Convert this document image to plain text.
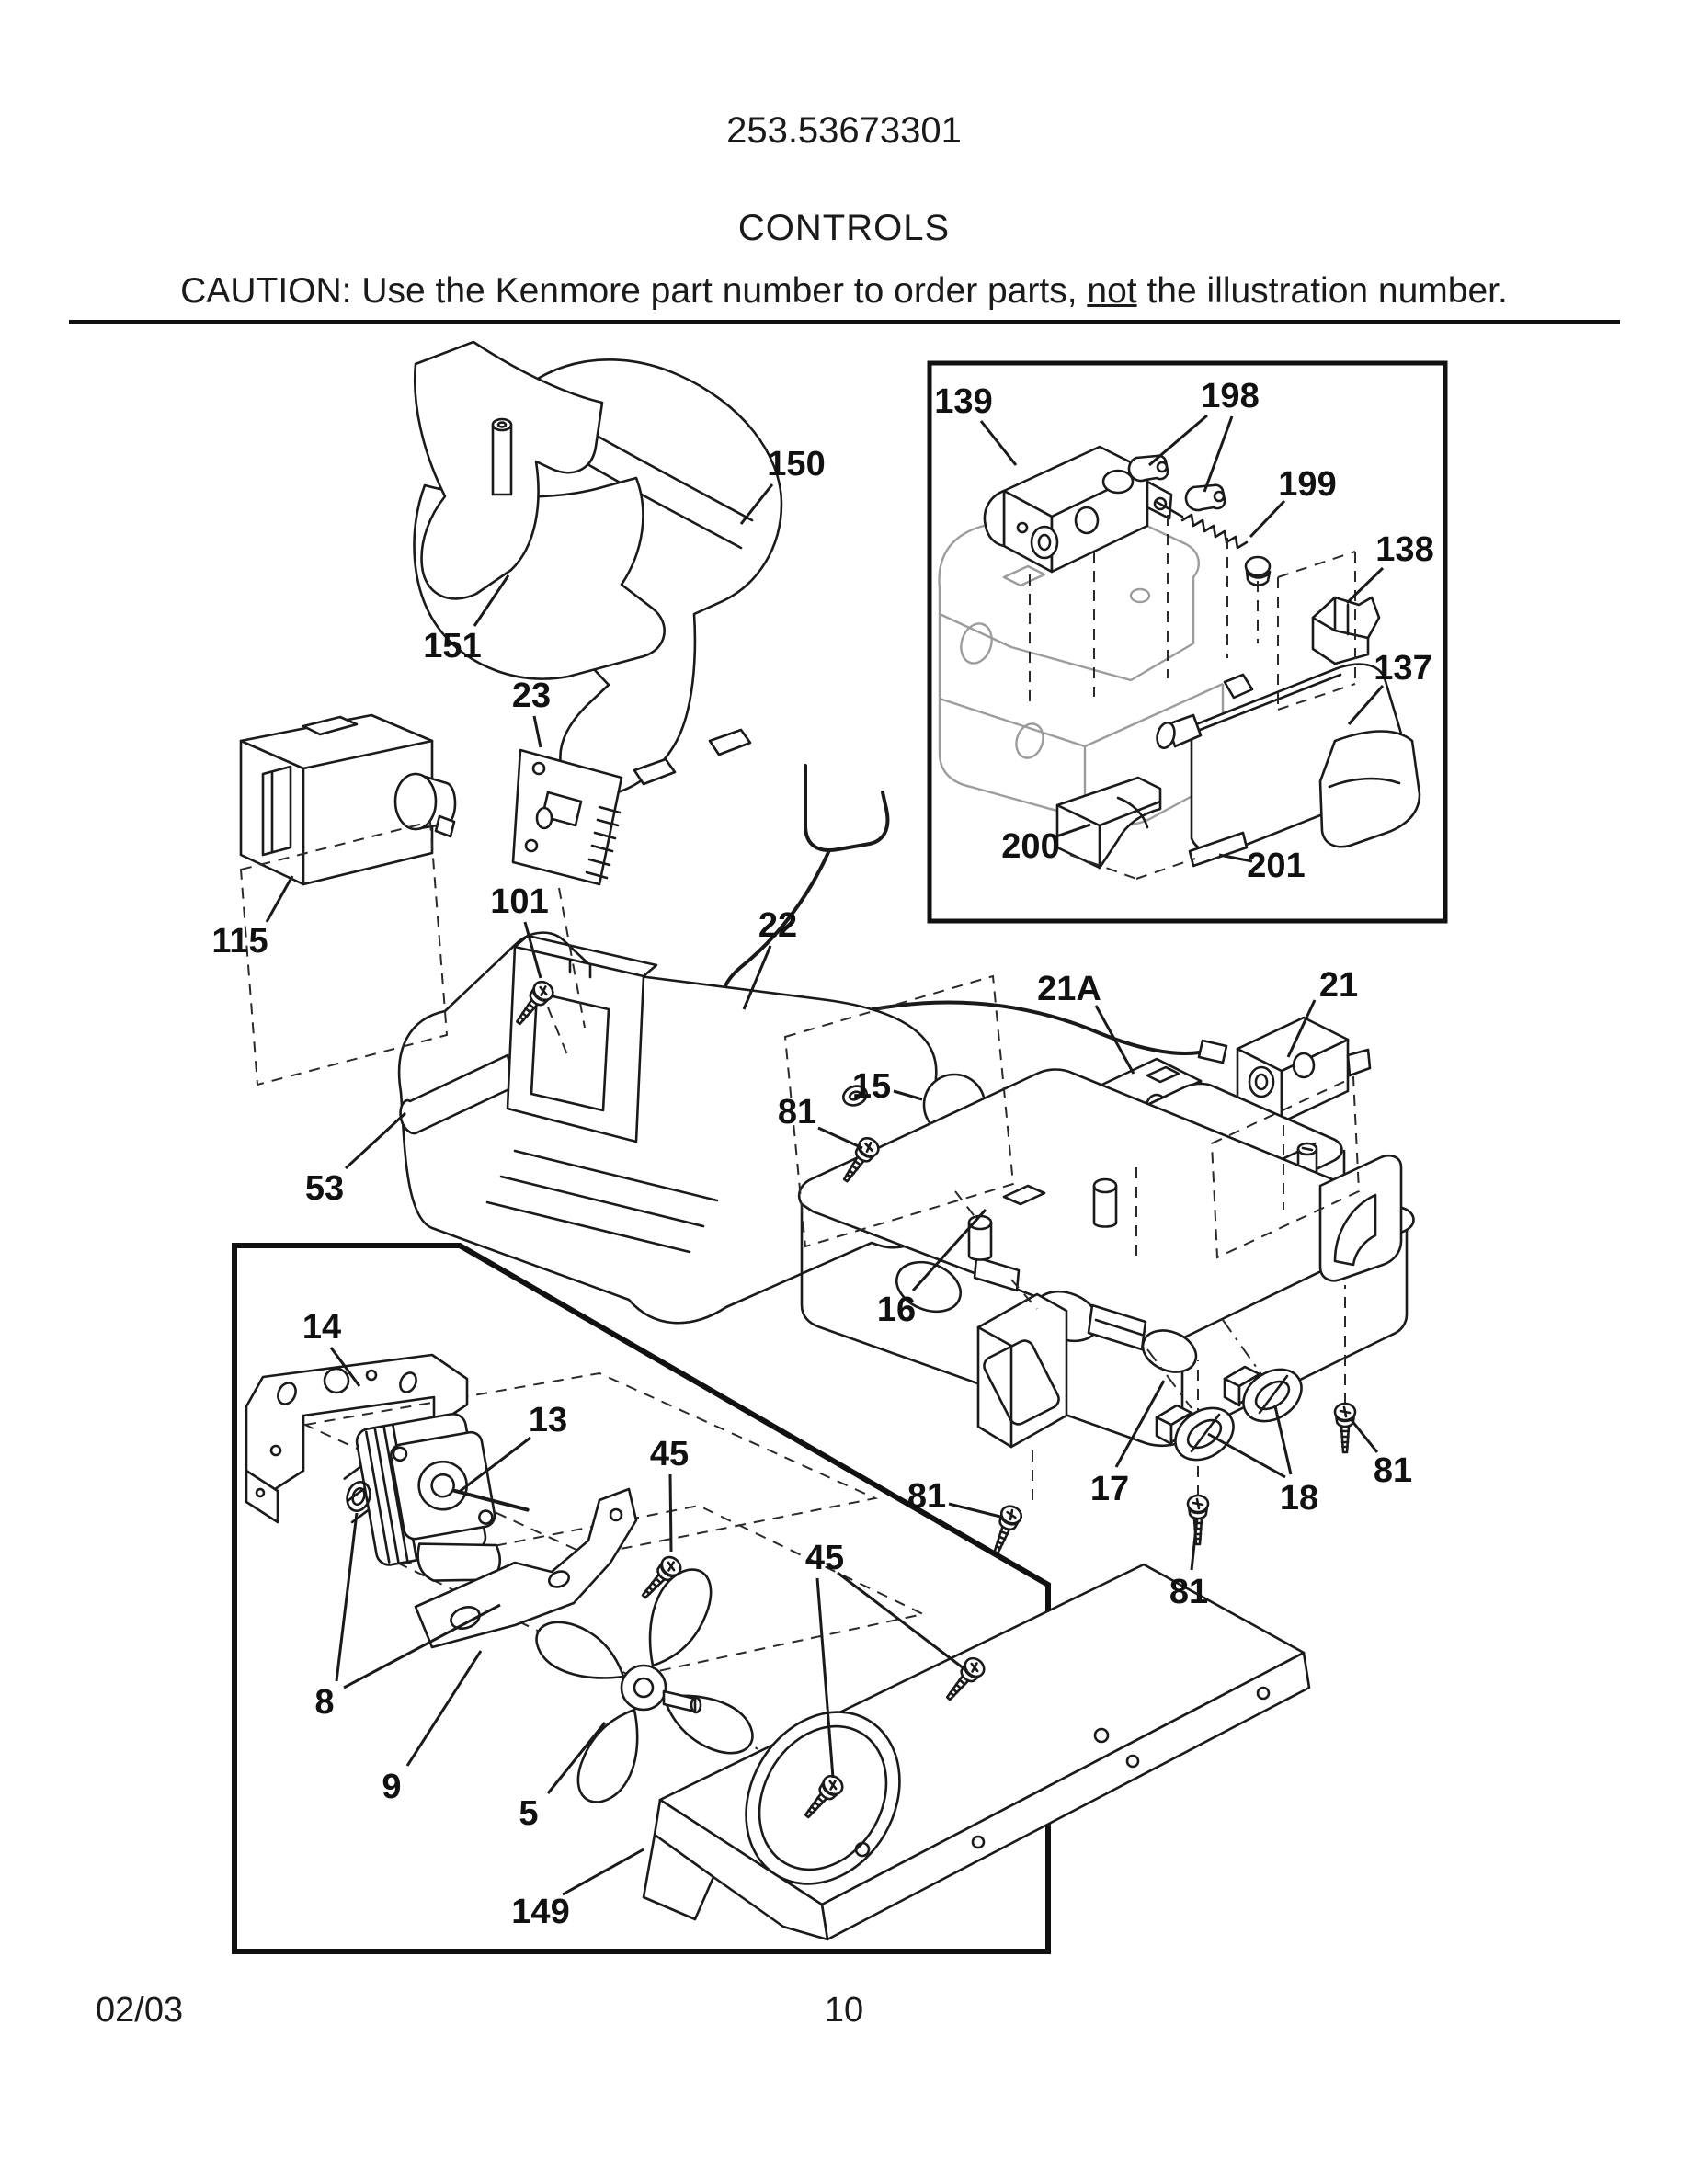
253.53673301
CONTROLS
CAUTION: Use the Kenmore part number to order parts, not the illustration number.
150
151
23
115
101
22
21A	21
15
81
53
16
139	198
199
138
137
200	201
14
13
45
8
9
5
45
149
81	17	18
81
81
02/03	10
